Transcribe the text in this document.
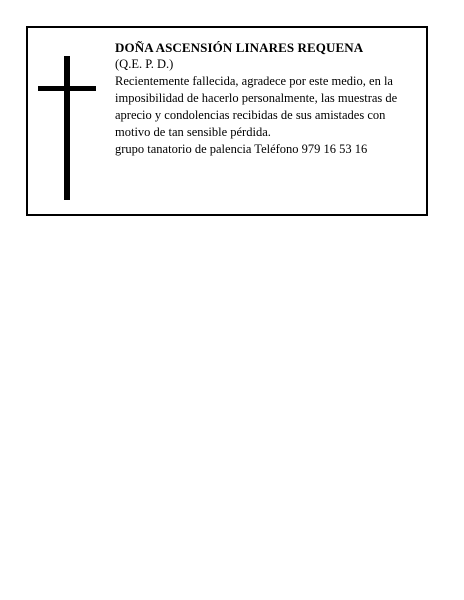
DOÑA ASCENSIÓN LINARES REQUENA

(Q.E. P. D.)

Recientemente fallecida, agradece por este medio, en la imposibilidad de hacerlo personalmente, las muestras de aprecio y condolencias recibidas de sus amistades con motivo de tan sensible pérdida.

grupo tanatorio de palencia Teléfono 979 16 53 16
